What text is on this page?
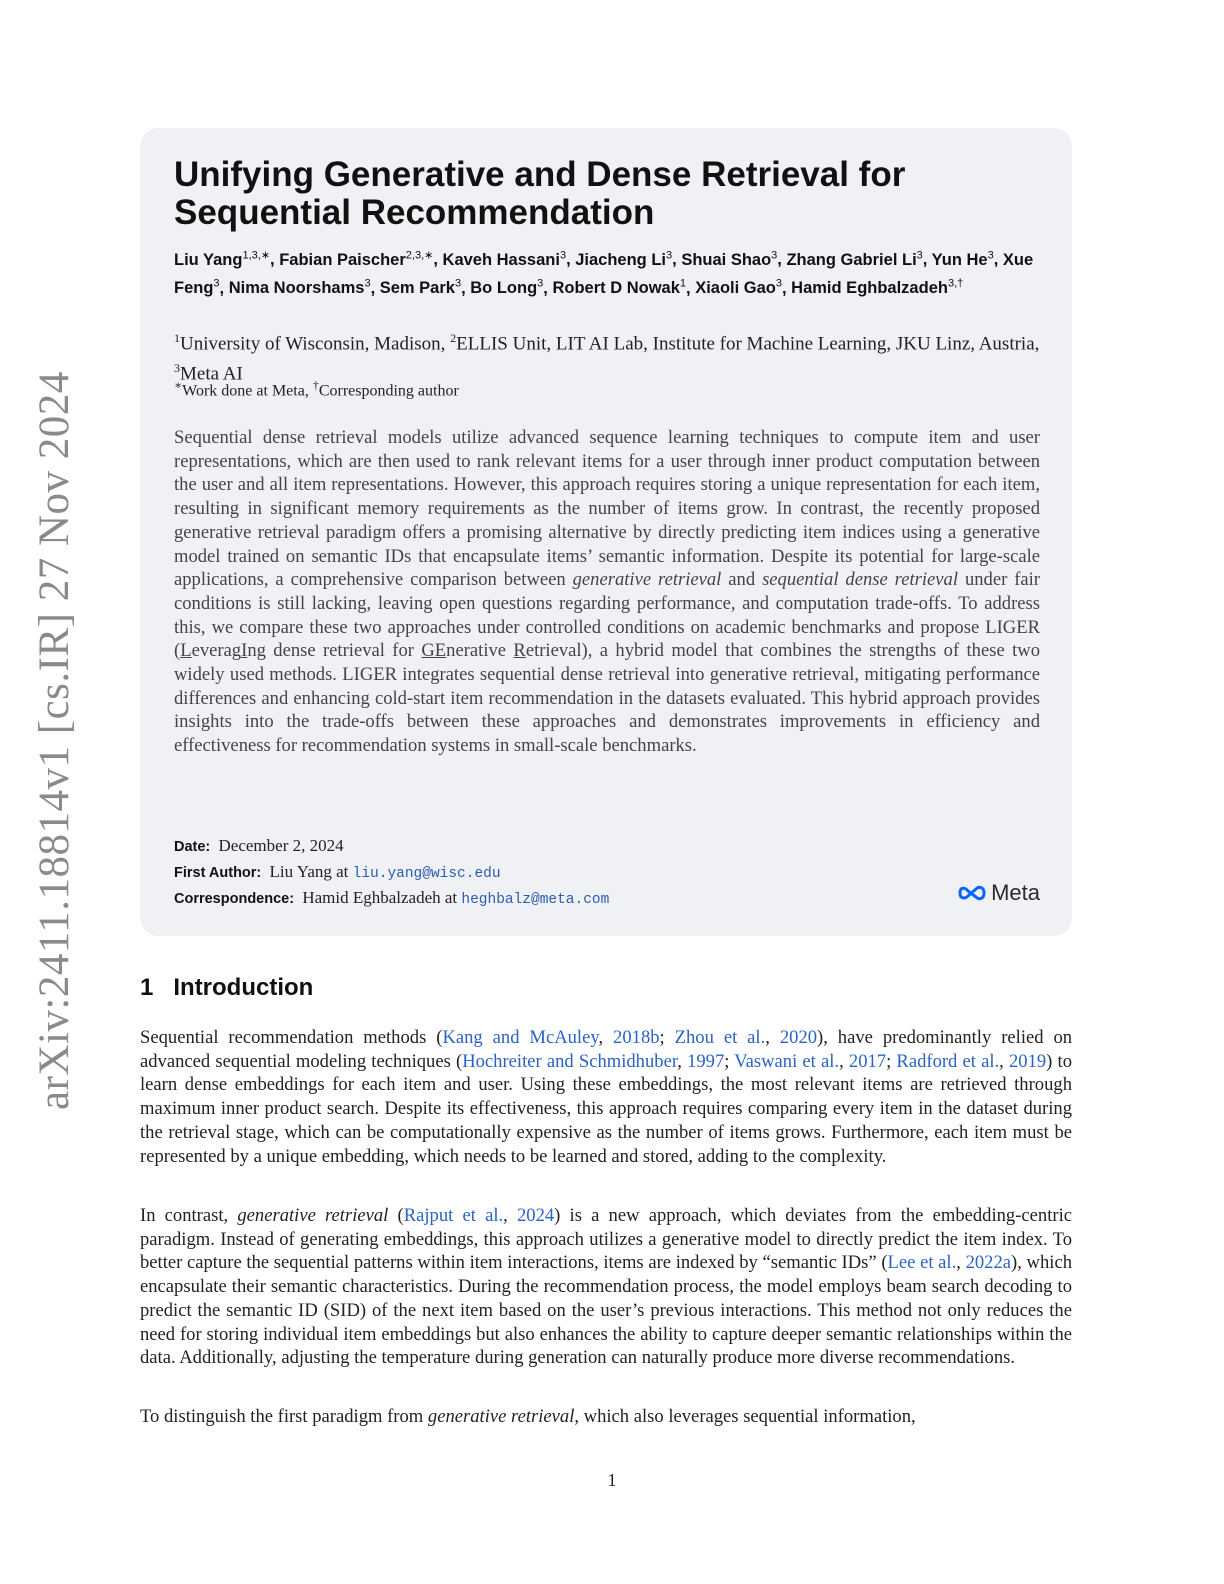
arXiv:2411.18814v1 [cs.IR] 27 Nov 2024
Unifying Generative and Dense Retrieval for Sequential Recommendation
Liu Yang$^{1,3,∗}$, Fabian Paischer$^{2,3,∗}$, Kaveh Hassani$^3$, Jiacheng Li$^3$, Shuai Shao$^3$, Zhang Gabriel Li$^3$, Yun He$^3$, Xue Feng$^3$, Nima Noorshams$^3$, Sem Park$^3$, Bo Long$^3$, Robert D Nowak$^1$, Xiaoli Gao$^3$, Hamid Eghbalzadeh$^{3,\dagger}$
$^1$University of Wisconsin, Madison, $^2$ELLIS Unit, LIT AI Lab, Institute for Machine Learning, JKU Linz, Austria, $^3$Meta AI
∗Work done at Meta, †Corresponding author

Sequential dense retrieval models utilize advanced sequence learning techniques to compute item and user representations, which are then used to rank relevant items for a user through inner product computation between the user and all item representations. However, this approach requires storing a unique representation for each item, resulting in significant memory requirements as the number of items grow. In contrast, the recently proposed generative retrieval paradigm offers a promising alternative by directly predicting item indices using a generative model trained on semantic IDs that encapsulate items’ semantic information. Despite its potential for large-scale applications, a comprehensive comparison between generative retrieval and sequential dense retrieval under fair conditions is still lacking, leaving open questions regarding performance, and computation trade-offs. To address this, we compare these two approaches under controlled conditions on academic benchmarks and propose LIGER (LeveragIng dense retrieval for GEnerative Retrieval), a hybrid model that combines the strengths of these two widely used methods. LIGER integrates sequential dense retrieval into generative retrieval, mitigating performance differences and enhancing cold-start item recommendation in the datasets evaluated. This hybrid approach provides insights into the trade-offs between these approaches and demonstrates improvements in efficiency and effectiveness for recommendation systems in small-scale benchmarks.

Date: December 2, 2024
First Author: Liu Yang at liu.yang@wisc.edu
Correspondence: Hamid Eghbalzadeh at heghbalz@meta.com	Meta
1 Introduction

Sequential recommendation methods (Kang and McAuley, 2018b; Zhou et al., 2020), have predominantly relied on advanced sequential modeling techniques (Hochreiter and Schmidhuber, 1997; Vaswani et al., 2017; Radford et al., 2019) to learn dense embeddings for each item and user. Using these embeddings, the most relevant items are retrieved through maximum inner product search. Despite its effectiveness, this approach requires comparing every item in the dataset during the retrieval stage, which can be computationally expensive as the number of items grows. Furthermore, each item must be represented by a unique embedding, which needs to be learned and stored, adding to the complexity.

In contrast, generative retrieval (Rajput et al., 2024) is a new approach, which deviates from the embedding-centric paradigm. Instead of generating embeddings, this approach utilizes a generative model to directly predict the item index. To better capture the sequential patterns within item interactions, items are indexed by “semantic IDs” (Lee et al., 2022a), which encapsulate their semantic characteristics. During the recommendation process, the model employs beam search decoding to predict the semantic ID (SID) of the next item based on the user’s previous interactions. This method not only reduces the need for storing individual item embeddings but also enhances the ability to capture deeper semantic relationships within the data. Additionally, adjusting the temperature during generation can naturally produce more diverse recommendations.

To distinguish the first paradigm from generative retrieval, which also leverages sequential information,

1
